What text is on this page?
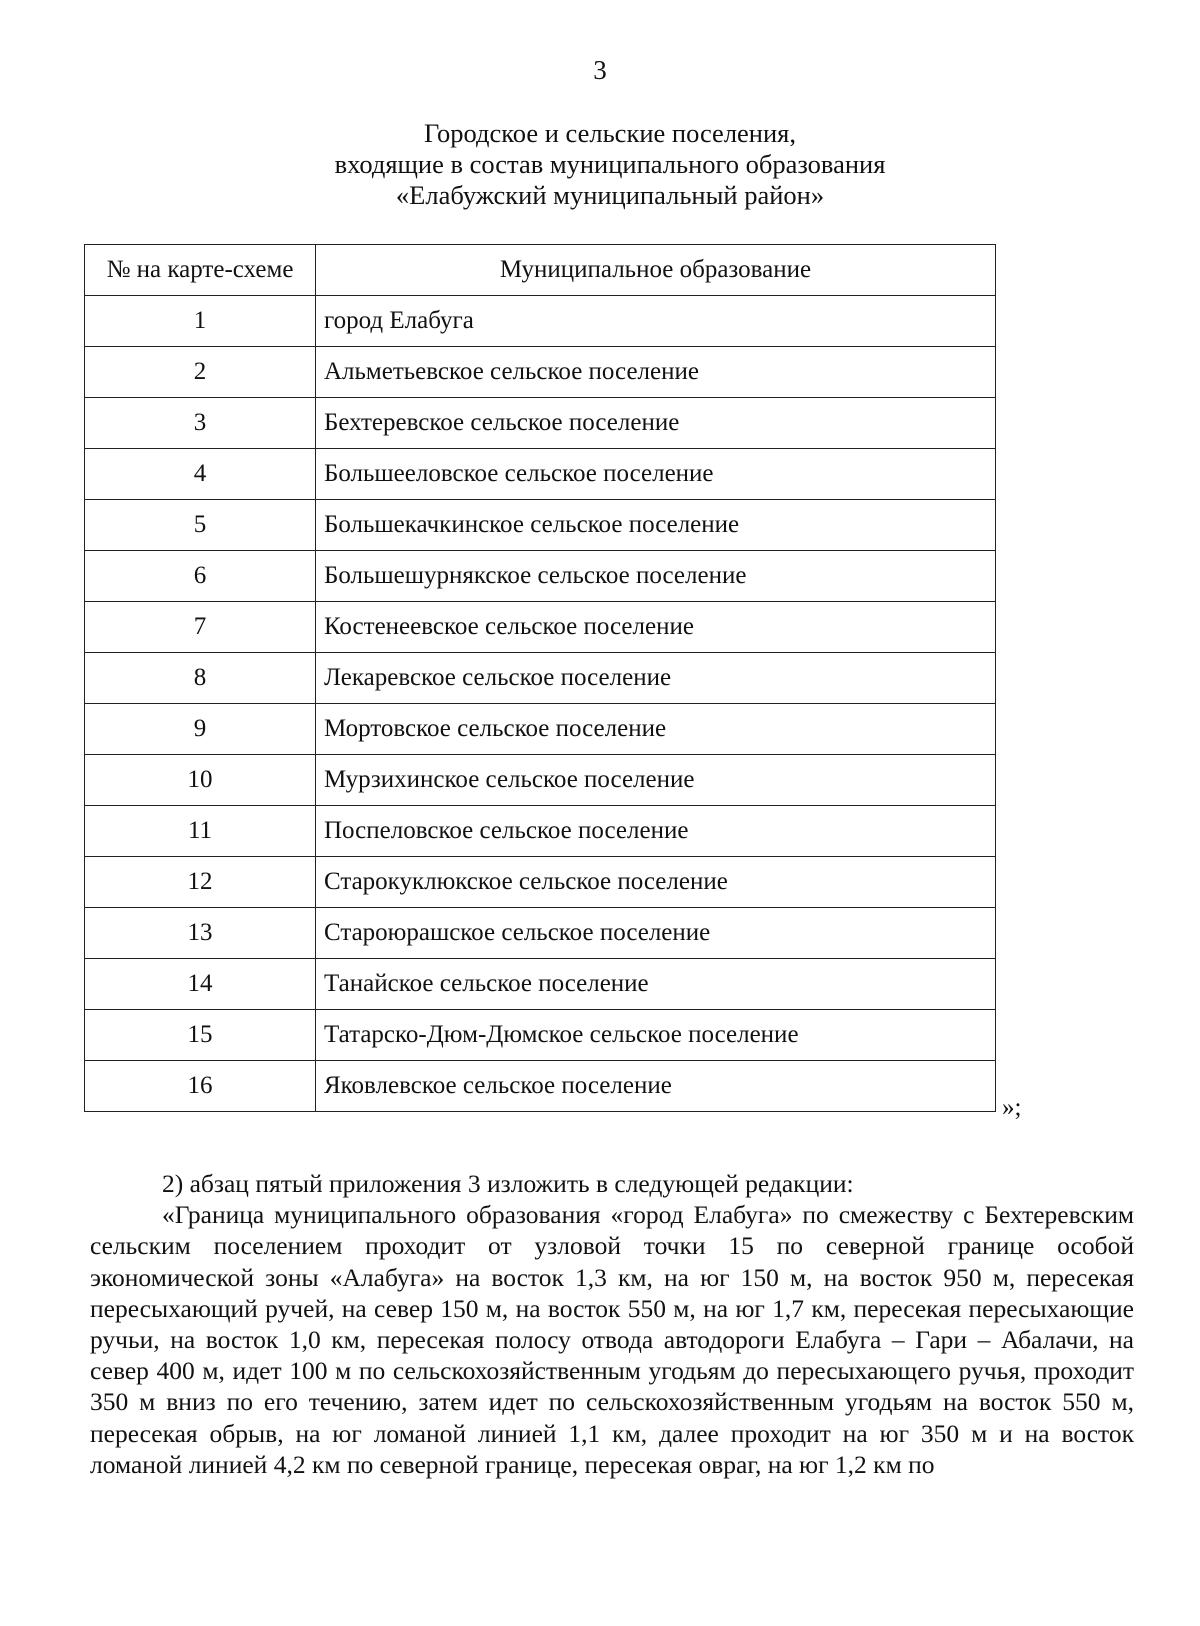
3
Городское и сельские поселения,
входящие в состав муниципального образования
«Елабужский муниципальный район»
№ на карте-схеме	Муниципальное образование
1	город Елабуга
2	Альметьевское сельское поселение
3	Бехтеревское сельское поселение
4	Большееловское сельское поселение
5	Большекачкинское сельское поселение
6	Большешурнякское сельское поселение
7	Костенеевское сельское поселение
8	Лекаревское сельское поселение
9	Мортовское сельское поселение
10	Мурзихинское сельское поселение
11	Поспеловское сельское поселение
12	Старокуклюкское сельское поселение
13	Староюрашское сельское поселение
14	Танайское сельское поселение
15	Татарско-Дюм-Дюмское сельское поселение
16	Яковлевское сельское поселение
»;

2) абзац пятый приложения 3 изложить в следующей редакции:

«Граница муниципального образования «город Елабуга» по смежеству с Бехтеревским сельским поселением проходит от узловой точки 15 по северной границе особой экономической зоны «Алабуга» на восток 1,3 км, на юг 150 м, на восток 950 м, пересекая пересыхающий ручей, на север 150 м, на восток 550 м, на юг 1,7 км, пересекая пересыхающие ручьи, на восток 1,0 км, пересекая полосу отвода автодороги Елабуга – Гари – Абалачи, на север 400 м, идет 100 м по сельскохозяйственным угодьям до пересыхающего ручья, проходит 350 м вниз по его течению, затем идет по сельскохозяйственным угодьям на восток 550 м, пересекая обрыв, на юг ломаной линией 1,1 км, далее проходит на юг 350 м и на восток ломаной линией 4,2 км по северной границе, пересекая овраг, на юг 1,2 км по
